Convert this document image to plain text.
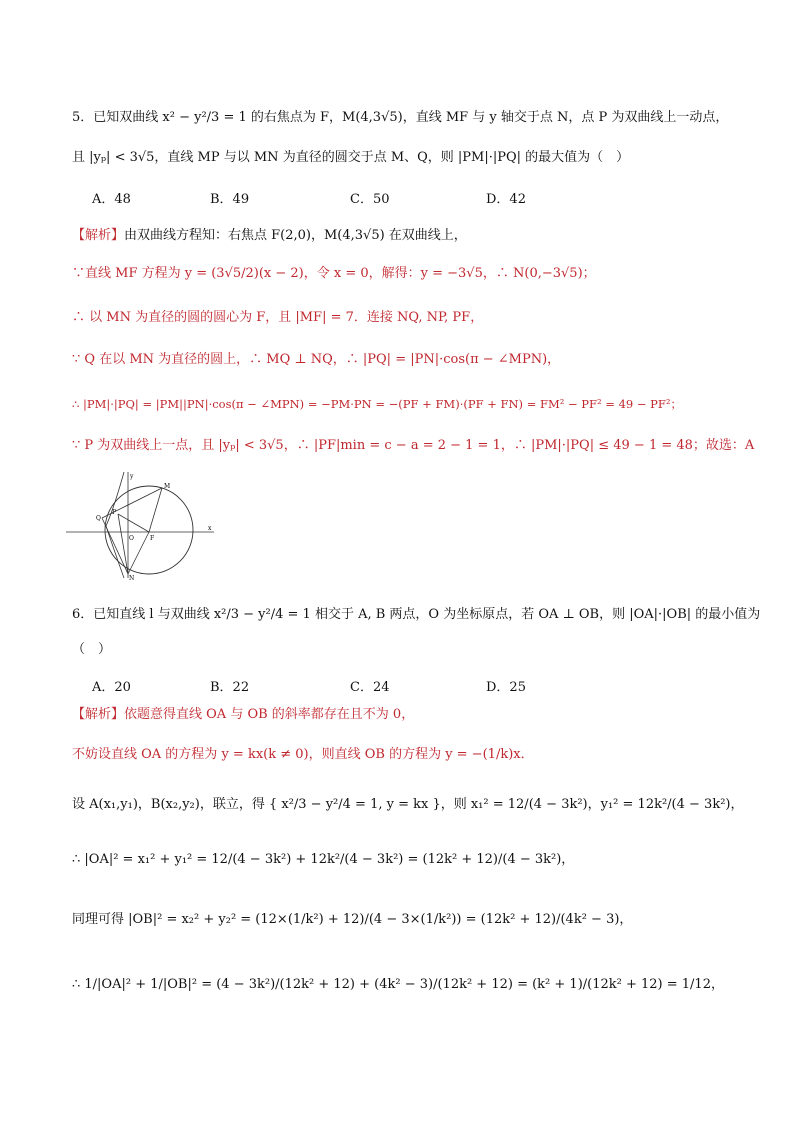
5．已知双曲线 x² − y²/3 = 1 的右焦点为 F，M(4,3√5)，直线 MF 与 y 轴交于点 N，点 P 为双曲线上一动点，
且 |yₚ| < 3√5，直线 MP 与以 MN 为直径的圆交于点 M、Q，则 |PM|·|PQ| 的最大值为（　）
A．48	B．49	C．50	D．42
【解析】由双曲线方程知：右焦点 F(2,0)，M(4,3√5) 在双曲线上，
∵直线 MF 方程为 y = (3√5/2)(x − 2)，令 x = 0，解得：y = −3√5，∴ N(0,−3√5)；
∴ 以 MN 为直径的圆的圆心为 F，且 |MF| = 7．连接 NQ, NP, PF，
∵ Q 在以 MN 为直径的圆上，∴ MQ ⊥ NQ，∴ |PQ| = |PN|·cos(π − ∠MPN)，
∴ |PM|·|PQ| = |PM||PN|·cos(π − ∠MPN) = −PM·PN = −(PF + FM)·(PF + FN) = FM² − PF² = 49 − PF²；
∵ P 为双曲线上一点，且 |yₚ| < 3√5，∴ |PF|min = c − a = 2 − 1 = 1，∴ |PM|·|PQ| ≤ 49 − 1 = 48；故选：A
M
Q
P
O	F
N
x
y
6．已知直线 l 与双曲线 x²/3 − y²/4 = 1 相交于 A, B 两点，O 为坐标原点，若 OA ⊥ OB，则 |OA|·|OB| 的最小值为
（　）
A．20	B．22	C．24	D．25
【解析】依题意得直线 OA 与 OB 的斜率都存在且不为 0，
不妨设直线 OA 的方程为 y = kx(k ≠ 0)，则直线 OB 的方程为 y = −(1/k)x．
设 A(x₁,y₁)，B(x₂,y₂)，联立，得 { x²/3 − y²/4 = 1, y = kx }，则 x₁² = 12/(4 − 3k²)，y₁² = 12k²/(4 − 3k²)，
∴ |OA|² = x₁² + y₁² = 12/(4 − 3k²) + 12k²/(4 − 3k²) = (12k² + 12)/(4 − 3k²)，
同理可得 |OB|² = x₂² + y₂² = (12×(1/k²) + 12)/(4 − 3×(1/k²)) = (12k² + 12)/(4k² − 3)，
∴ 1/|OA|² + 1/|OB|² = (4 − 3k²)/(12k² + 12) + (4k² − 3)/(12k² + 12) = (k² + 1)/(12k² + 12) = 1/12，
